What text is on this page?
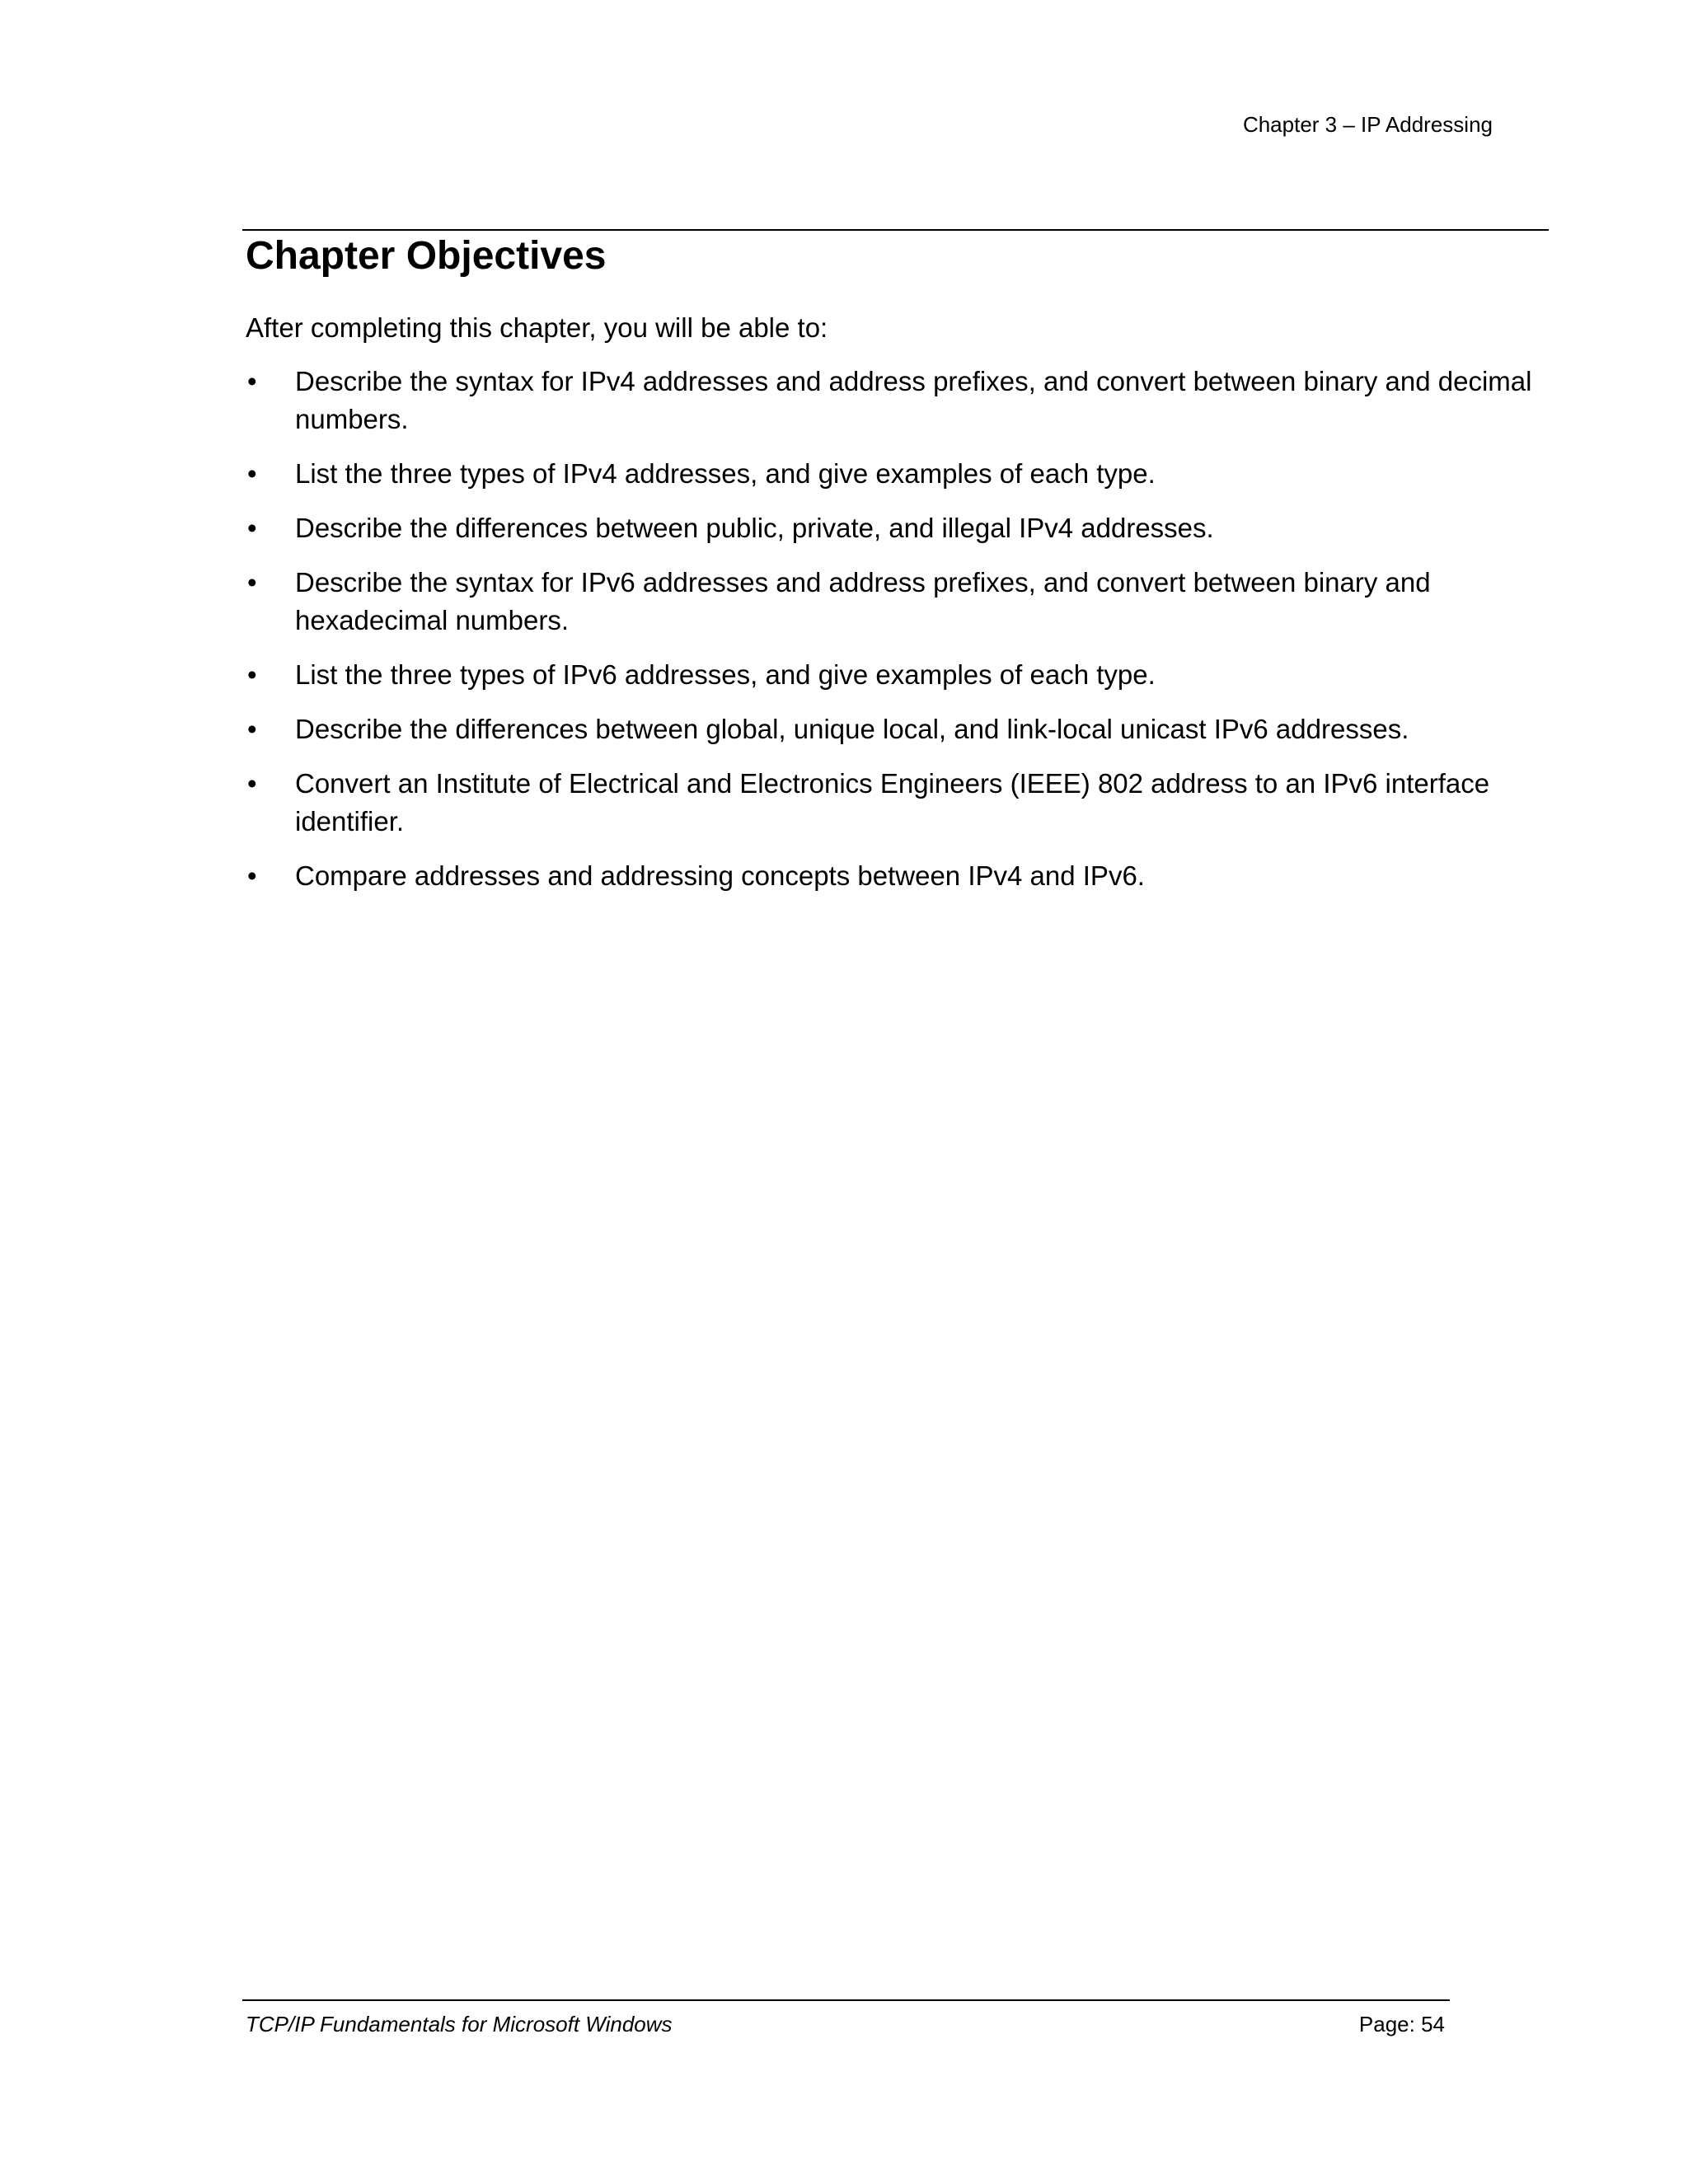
Chapter 3 – IP Addressing
Chapter Objectives

After completing this chapter, you will be able to:

• Describe the syntax for IPv4 addresses and address prefixes, and convert between binary and decimal numbers.
• List the three types of IPv4 addresses, and give examples of each type.
• Describe the differences between public, private, and illegal IPv4 addresses.
• Describe the syntax for IPv6 addresses and address prefixes, and convert between binary and hexadecimal numbers.
• List the three types of IPv6 addresses, and give examples of each type.
• Describe the differences between global, unique local, and link-local unicast IPv6 addresses.
• Convert an Institute of Electrical and Electronics Engineers (IEEE) 802 address to an IPv6 interface identifier.
• Compare addresses and addressing concepts between IPv4 and IPv6.
TCP/IP Fundamentals for Microsoft Windows	Page: 54
